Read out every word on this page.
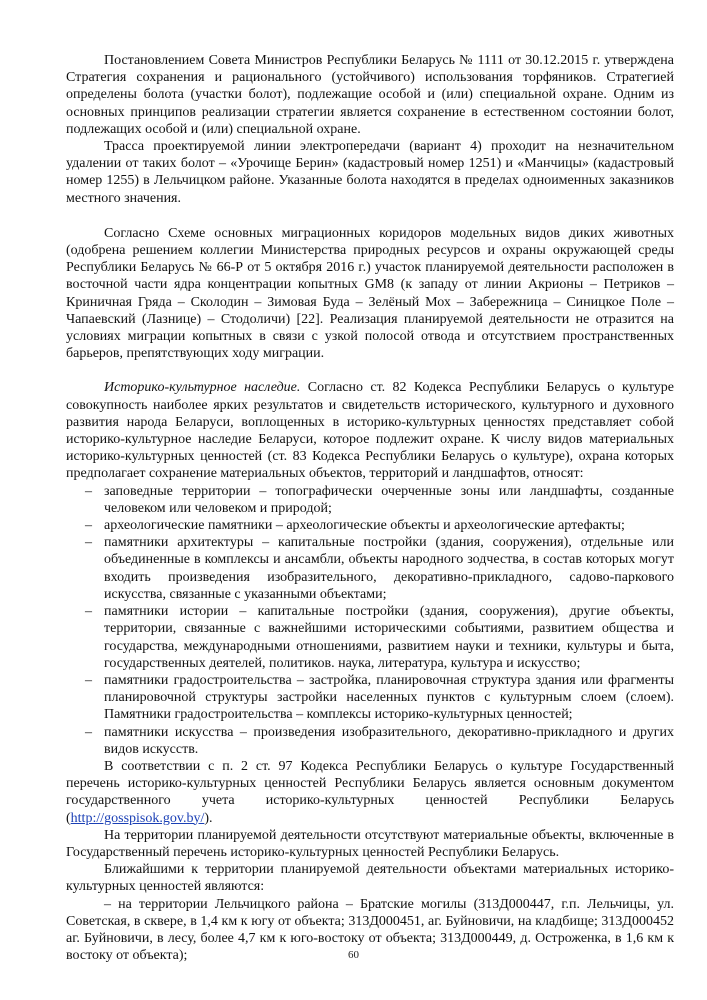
Постановлением Совета Министров Республики Беларусь № 1111 от 30.12.2015 г. утверждена Стратегия сохранения и рационального (устойчивого) использования торфяников. Стратегией определены болота (участки болот), подлежащие особой и (или) специальной охране. Одним из основных принципов реализации стратегии является сохранение в естественном состоянии болот, подлежащих особой и (или) специальной охране.

Трасса проектируемой линии электропередачи (вариант 4) проходит на незначительном удалении от таких болот – «Урочище Берин» (кадастровый номер 1251) и «Манчицы» (кадастровый номер 1255) в Лельчицком районе. Указанные болота находятся в пределах одноименных заказников местного значения.

Согласно Схеме основных миграционных коридоров модельных видов диких животных (одобрена решением коллегии Министерства природных ресурсов и охраны окружающей среды Республики Беларусь № 66-Р от 5 октября 2016 г.) участок планируемой деятельности расположен в восточной части ядра концентрации копытных GM8 (к западу от линии Акрионы – Петриков – Криничная Гряда – Сколодин – Зимовая Буда – Зелёный Мох – Забережница – Синицкое Поле – Чапаевский (Лазнице) – Стодоличи) [22]. Реализация планируемой деятельности не отразится на условиях миграции копытных в связи с узкой полосой отвода и отсутствием пространственных барьеров, препятствующих ходу миграции.

Историко-культурное наследие. Согласно ст. 82 Кодекса Республики Беларусь о культуре совокупность наиболее ярких результатов и свидетельств исторического, культурного и духовного развития народа Беларуси, воплощенных в историко-культурных ценностях представляет собой историко-культурное наследие Беларуси, которое подлежит охране. К числу видов материальных историко-культурных ценностей (ст. 83 Кодекса Республики Беларусь о культуре), охрана которых предполагает сохранение материальных объектов, территорий и ландшафтов, относят:

– заповедные территории – топографически очерченные зоны или ландшафты, созданные человеком или человеком и природой;
– археологические памятники – археологические объекты и археологические артефакты;
– памятники архитектуры – капитальные постройки (здания, сооружения), отдельные или объединенные в комплексы и ансамбли, объекты народного зодчества, в состав которых могут входить произведения изобразительного, декоративно-прикладного, садово-паркового искусства, связанные с указанными объектами;
– памятники истории – капитальные постройки (здания, сооружения), другие объекты, территории, связанные с важнейшими историческими событиями, развитием общества и государства, международными отношениями, развитием науки и техники, культуры и быта, государственных деятелей, политиков. наука, литература, культура и искусство;
– памятники градостроительства – застройка, планировочная структура здания или фрагменты планировочной структуры застройки населенных пунктов с культурным слоем (слоем). Памятники градостроительства – комплексы историко-культурных ценностей;
– памятники искусства – произведения изобразительного, декоративно-прикладного и других видов искусств.

В соответствии с п. 2 ст. 97 Кодекса Республики Беларусь о культуре Государственный перечень историко-культурных ценностей Республики Беларусь является основным документом государственного учета историко-культурных ценностей Республики Беларусь (http://gosspisok.gov.by/).

На территории планируемой деятельности отсутствуют материальные объекты, включенные в Государственный перечень историко-культурных ценностей Республики Беларусь.

Ближайшими к территории планируемой деятельности объектами материальных историко-культурных ценностей являются:

– на территории Лельчицкого района – Братские могилы (313Д000447, г.п. Лельчицы, ул. Советская, в сквере, в 1,4 км к югу от объекта; 313Д000451, аг. Буйновичи, на кладбище; 313Д000452 аг. Буйновичи, в лесу, более 4,7 км к юго-востоку от объекта; 313Д000449, д. Остроженка, в 1,6 км к востоку от объекта);	60
